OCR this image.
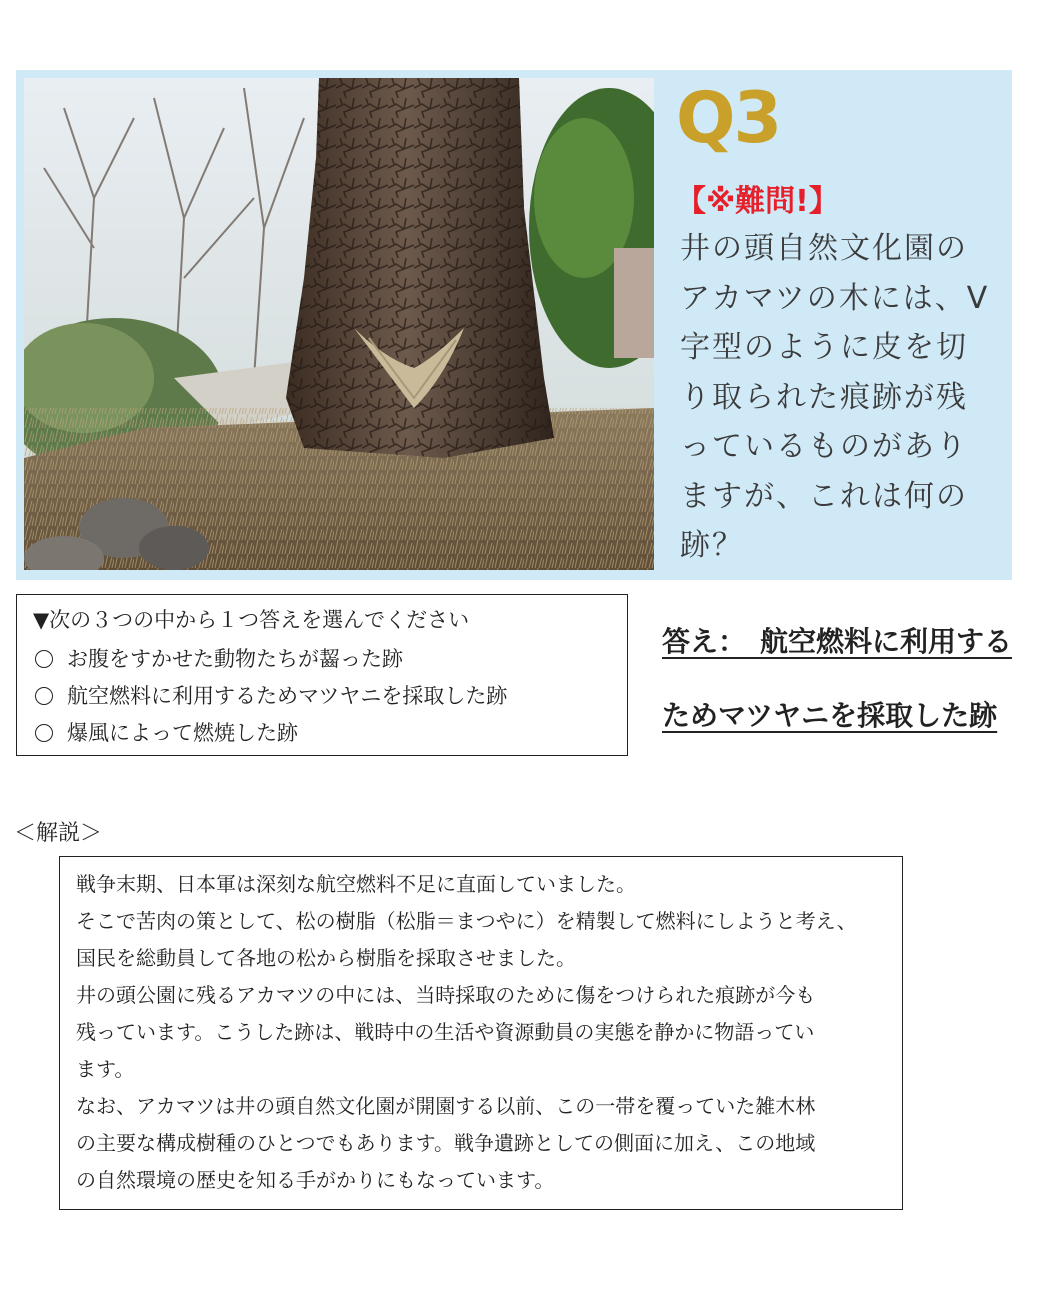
Q3
【※難問!】
井の頭自然文化園のアカマツの木には、V字型のように皮を切り取られた痕跡が残っているものがありますが、これは何の跡？
▼次の３つの中から１つ答えを選んでください
お腹をすかせた動物たちが齧った跡
航空燃料に利用するためマツヤニを採取した跡
爆風によって燃焼した跡
答え：　航空燃料に利用する
ためマツヤニを採取した跡
＜解説＞
戦争末期、日本軍は深刻な航空燃料不足に直面していました。
そこで苦肉の策として、松の樹脂（松脂＝まつやに）を精製して燃料にしようと考え、
国民を総動員して各地の松から樹脂を採取させました。
井の頭公園に残るアカマツの中には、当時採取のために傷をつけられた痕跡が今も
残っています。こうした跡は、戦時中の生活や資源動員の実態を静かに物語ってい
ます。
なお、アカマツは井の頭自然文化園が開園する以前、この一帯を覆っていた雑木林
の主要な構成樹種のひとつでもあります。戦争遺跡としての側面に加え、この地域
の自然環境の歴史を知る手がかりにもなっています。
